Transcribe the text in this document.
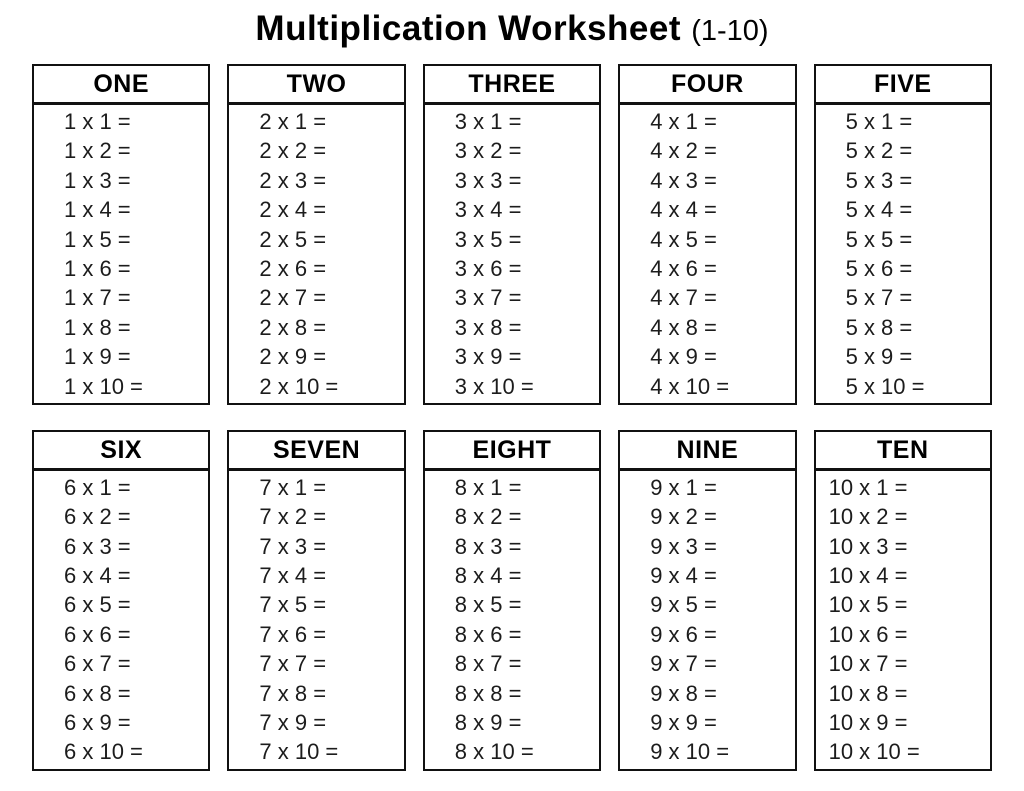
Multiplication Worksheet (1-10)
ONE
1 x 1 =
1 x 2 =
1 x 3 =
1 x 4 =
1 x 5 =
1 x 6 =
1 x 7 =
1 x 8 =
1 x 9 =
1 x 10 =
TWO
2 x 1 =
2 x 2 =
2 x 3 =
2 x 4 =
2 x 5 =
2 x 6 =
2 x 7 =
2 x 8 =
2 x 9 =
2 x 10 =
THREE
3 x 1 =
3 x 2 =
3 x 3 =
3 x 4 =
3 x 5 =
3 x 6 =
3 x 7 =
3 x 8 =
3 x 9 =
3 x 10 =
FOUR
4 x 1 =
4 x 2 =
4 x 3 =
4 x 4 =
4 x 5 =
4 x 6 =
4 x 7 =
4 x 8 =
4 x 9 =
4 x 10 =
FIVE
5 x 1 =
5 x 2 =
5 x 3 =
5 x 4 =
5 x 5 =
5 x 6 =
5 x 7 =
5 x 8 =
5 x 9 =
5 x 10 =
SIX
6 x 1 =
6 x 2 =
6 x 3 =
6 x 4 =
6 x 5 =
6 x 6 =
6 x 7 =
6 x 8 =
6 x 9 =
6 x 10 =
SEVEN
7 x 1 =
7 x 2 =
7 x 3 =
7 x 4 =
7 x 5 =
7 x 6 =
7 x 7 =
7 x 8 =
7 x 9 =
7 x 10 =
EIGHT
8 x 1 =
8 x 2 =
8 x 3 =
8 x 4 =
8 x 5 =
8 x 6 =
8 x 7 =
8 x 8 =
8 x 9 =
8 x 10 =
NINE
9 x 1 =
9 x 2 =
9 x 3 =
9 x 4 =
9 x 5 =
9 x 6 =
9 x 7 =
9 x 8 =
9 x 9 =
9 x 10 =
TEN
10 x 1 =
10 x 2 =
10 x 3 =
10 x 4 =
10 x 5 =
10 x 6 =
10 x 7 =
10 x 8 =
10 x 9 =
10 x 10 =
